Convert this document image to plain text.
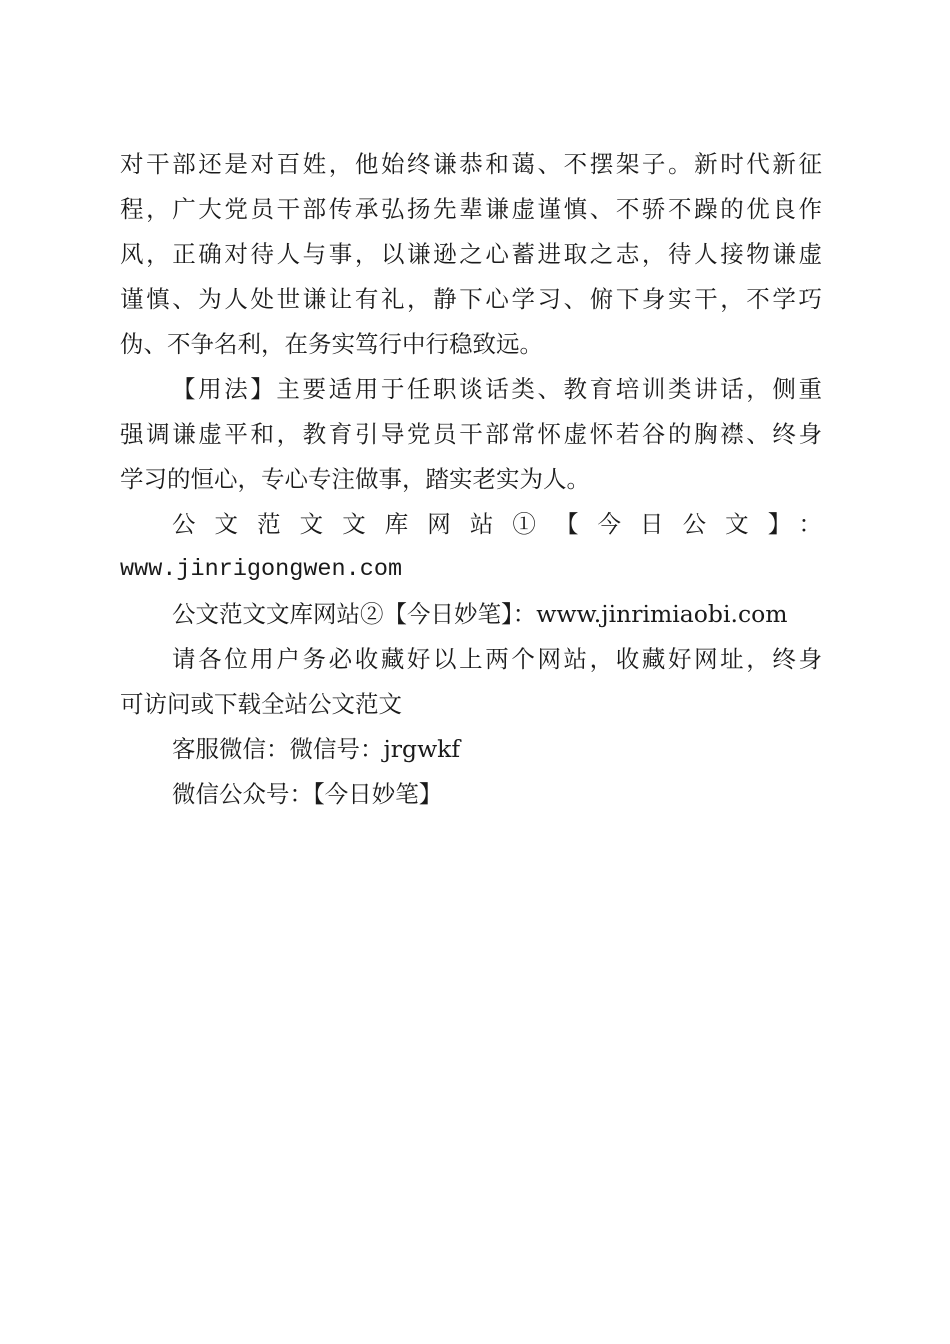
对干部还是对百姓，他始终谦恭和蔼、不摆架子。新时代新征
程，广大党员干部传承弘扬先辈谦虚谨慎、不骄不躁的优良作
风，正确对待人与事，以谦逊之心蓄进取之志，待人接物谦虚
谨慎、为人处世谦让有礼，静下心学习、俯下身实干，不学巧
伪、不争名利，在务实笃行中行稳致远。
【用法】主要适用于任职谈话类、教育培训类讲话，侧重
强调谦虚平和，教育引导党员干部常怀虚怀若谷的胸襟、终身
学习的恒心，专心专注做事，踏实老实为人。
公文范文文库网站①【今日公文】：
www.jinrigongwen.com
公文范文文库网站②【今日妙笔】：www.jinrimiaobi.com
请各位用户务必收藏好以上两个网站，收藏好网址，终身
可访问或下载全站公文范文
客服微信：微信号：jrgwkf
微信公众号：【今日妙笔】
